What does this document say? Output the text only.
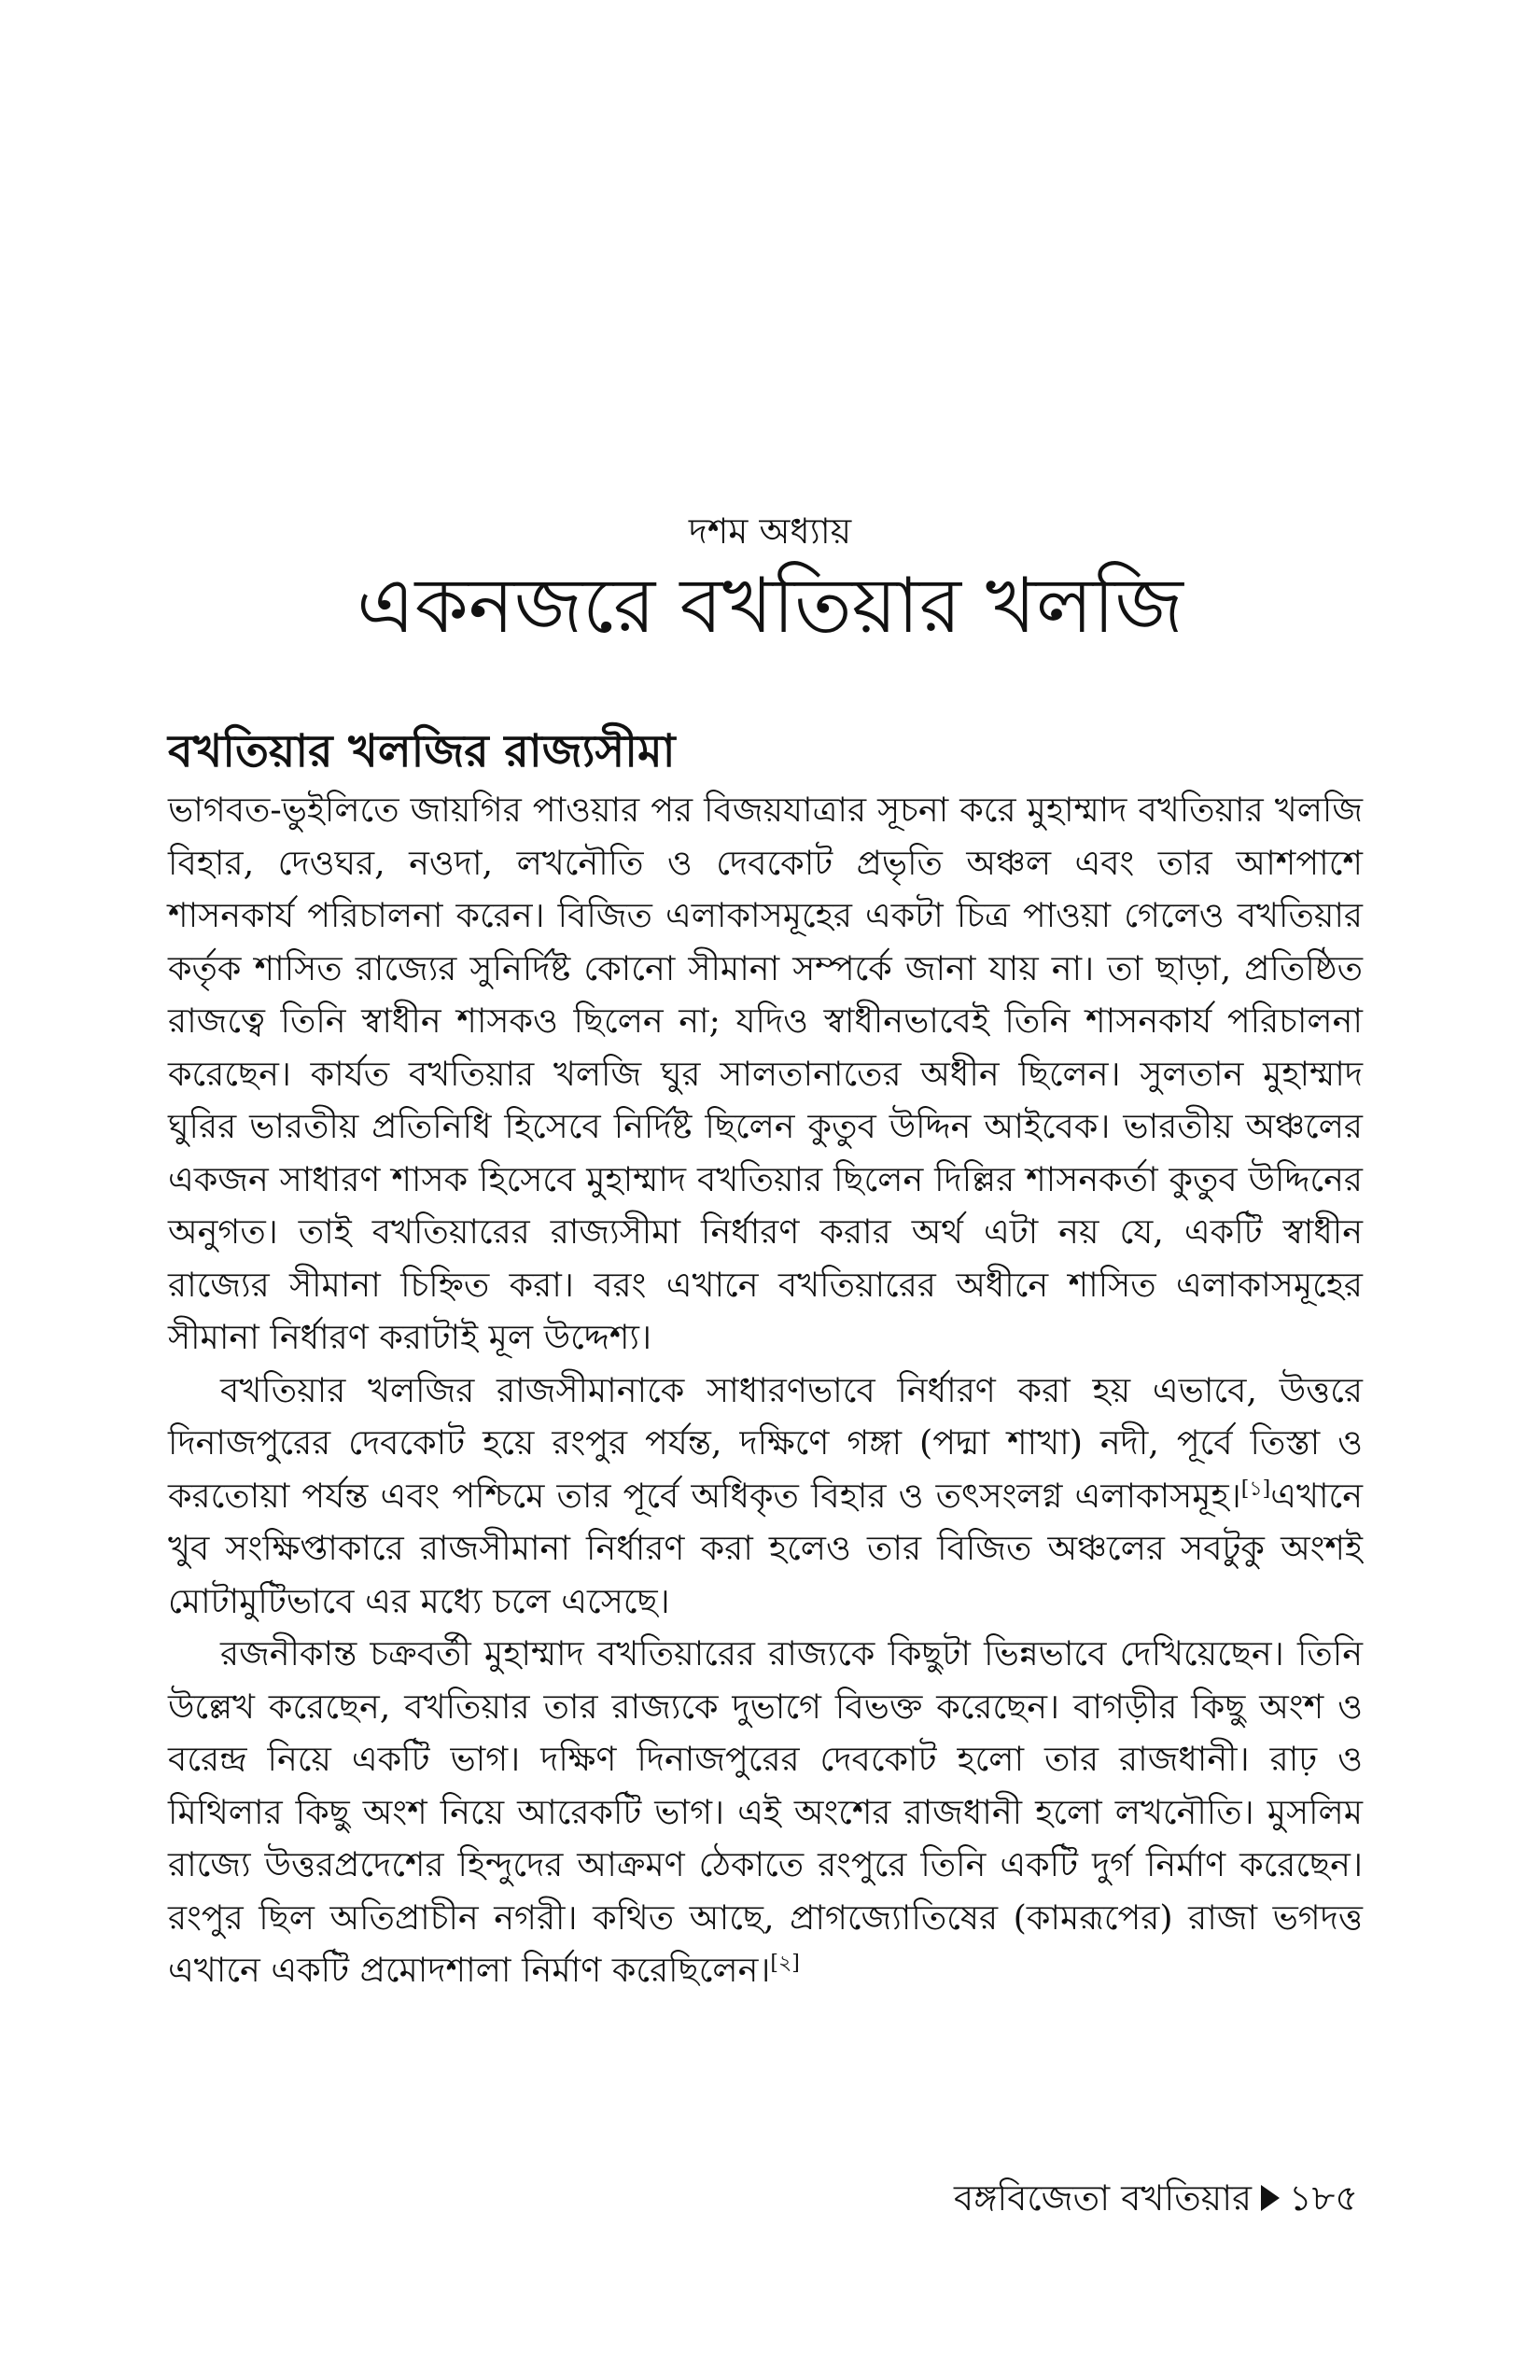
দশম অধ্যায়
একনজরে বখতিয়ার খলজি
বখতিয়ার খলজির রাজ্যসীমা

ভাগবত-ভুইলিতে জায়গির পাওয়ার পর বিজয়যাত্রার সূচনা করে মুহাম্মাদ বখতিয়ার খলজি বিহার, দেওঘর, নওদা, লখনৌতি ও দেবকোট প্রভৃতি অঞ্চল এবং তার আশপাশে শাসনকার্য পরিচালনা করেন। বিজিত এলাকাসমূহের একটা চিত্র পাওয়া গেলেও বখতিয়ার কর্তৃক শাসিত রাজ্যের সুনির্দিষ্ট কোনো সীমানা সম্পর্কে জানা যায় না। তা ছাড়া, প্রতিষ্ঠিত রাজত্বে তিনি স্বাধীন শাসকও ছিলেন না; যদিও স্বাধীনভাবেই তিনি শাসনকার্য পরিচালনা করেছেন। কার্যত বখতিয়ার খলজি ঘুর সালতানাতের অধীন ছিলেন। সুলতান মুহাম্মাদ ঘুরির ভারতীয় প্রতিনিধি হিসেবে নির্দিষ্ট ছিলেন কুতুব উদ্দিন আইবেক। ভারতীয় অঞ্চলের একজন সাধারণ শাসক হিসেবে মুহাম্মাদ বখতিয়ার ছিলেন দিল্লির শাসনকর্তা কুতুব উদ্দিনের অনুগত। তাই বখতিয়ারের রাজ্যসীমা নির্ধারণ করার অর্থ এটা নয় যে, একটি স্বাধীন রাজ্যের সীমানা চিহ্নিত করা। বরং এখানে বখতিয়ারের অধীনে শাসিত এলাকাসমূহের সীমানা নির্ধারণ করাটাই মূল উদ্দেশ্য।

বখতিয়ার খলজির রাজসীমানাকে সাধারণভাবে নির্ধারণ করা হয় এভাবে, উত্তরে দিনাজপুরের দেবকোট হয়ে রংপুর পর্যন্ত, দক্ষিণে গঙ্গা (পদ্মা শাখা) নদী, পূর্বে তিস্তা ও করতোয়া পর্যন্ত এবং পশ্চিমে তার পূর্বে অধিকৃত বিহার ও তৎসংলগ্ন এলাকাসমূহ।[১]এখানে খুব সংক্ষিপ্তাকারে রাজসীমানা নির্ধারণ করা হলেও তার বিজিত অঞ্চলের সবটুকু অংশই মোটামুটিভাবে এর মধ্যে চলে এসেছে।

রজনীকান্ত চক্রবর্তী মুহাম্মাদ বখতিয়ারের রাজ্যকে কিছুটা ভিন্নভাবে দেখিয়েছেন। তিনি উল্লেখ করেছেন, বখতিয়ার তার রাজ্যকে দুভাগে বিভক্ত করেছেন। বাগড়ীর কিছু অংশ ও বরেন্দ্র নিয়ে একটি ভাগ। দক্ষিণ দিনাজপুরের দেবকোট হলো তার রাজধানী। রাঢ় ও মিথিলার কিছু অংশ নিয়ে আরেকটি ভাগ। এই অংশের রাজধানী হলো লখনৌতি। মুসলিম রাজ্যে উত্তরপ্রদেশের হিন্দুদের আক্রমণ ঠেকাতে রংপুরে তিনি একটি দুর্গ নির্মাণ করেছেন। রংপুর ছিল অতিপ্রাচীন নগরী। কথিত আছে, প্রাগজ্যোতিষের (কামরূপের) রাজা ভগদত্ত এখানে একটি প্রমোদশালা নির্মাণ করেছিলেন।[২]

বঙ্গবিজেতা বখতিয়ার ১৮৫
